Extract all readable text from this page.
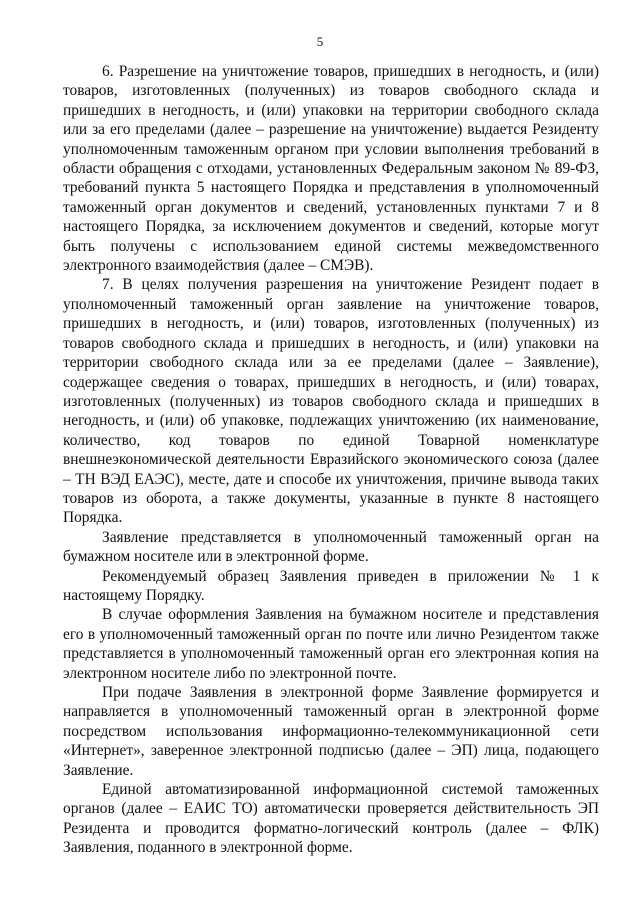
5

6. Разрешение на уничтожение товаров, пришедших в негодность, и (или) товаров, изготовленных (полученных) из товаров свободного склада и пришедших в негодность, и (или) упаковки на территории свободного склада или за его пределами (далее – разрешение на уничтожение) выдается Резиденту уполномоченным таможенным органом при условии выполнения требований в области обращения с отходами, установленных Федеральным законом № 89-ФЗ, требований пункта 5 настоящего Порядка и представления в уполномоченный таможенный орган документов и сведений, установленных пунктами 7 и 8 настоящего Порядка, за исключением документов и сведений, которые могут быть получены с использованием единой системы межведомственного электронного взаимодействия (далее – СМЭВ).

7. В целях получения разрешения на уничтожение Резидент подает в уполномоченный таможенный орган заявление на уничтожение товаров, пришедших в негодность, и (или) товаров, изготовленных (полученных) из товаров свободного склада и пришедших в негодность, и (или) упаковки на территории свободного склада или за ее пределами (далее – Заявление), содержащее сведения о товарах, пришедших в негодность, и (или) товарах, изготовленных (полученных) из товаров свободного склада и пришедших в негодность, и (или) об упаковке, подлежащих уничтожению (их наименование, количество, код товаров по единой Товарной номенклатуре внешнеэкономической деятельности Евразийского экономического союза (далее – ТН ВЭД ЕАЭС), месте, дате и способе их уничтожения, причине вывода таких товаров из оборота, а также документы, указанные в пункте 8 настоящего Порядка.

Заявление представляется в уполномоченный таможенный орган на бумажном носителе или в электронной форме.

Рекомендуемый образец Заявления приведен в приложении № 1 к настоящему Порядку.

В случае оформления Заявления на бумажном носителе и представления его в уполномоченный таможенный орган по почте или лично Резидентом также представляется в уполномоченный таможенный орган его электронная копия на электронном носителе либо по электронной почте.

При подаче Заявления в электронной форме Заявление формируется и направляется в уполномоченный таможенный орган в электронной форме посредством использования информационно-телекоммуникационной сети «Интернет», заверенное электронной подписью (далее – ЭП) лица, подающего Заявление.

Единой автоматизированной информационной системой таможенных органов (далее – ЕАИС ТО) автоматически проверяется действительность ЭП Резидента и проводится форматно-логический контроль (далее – ФЛК) Заявления, поданного в электронной форме.
